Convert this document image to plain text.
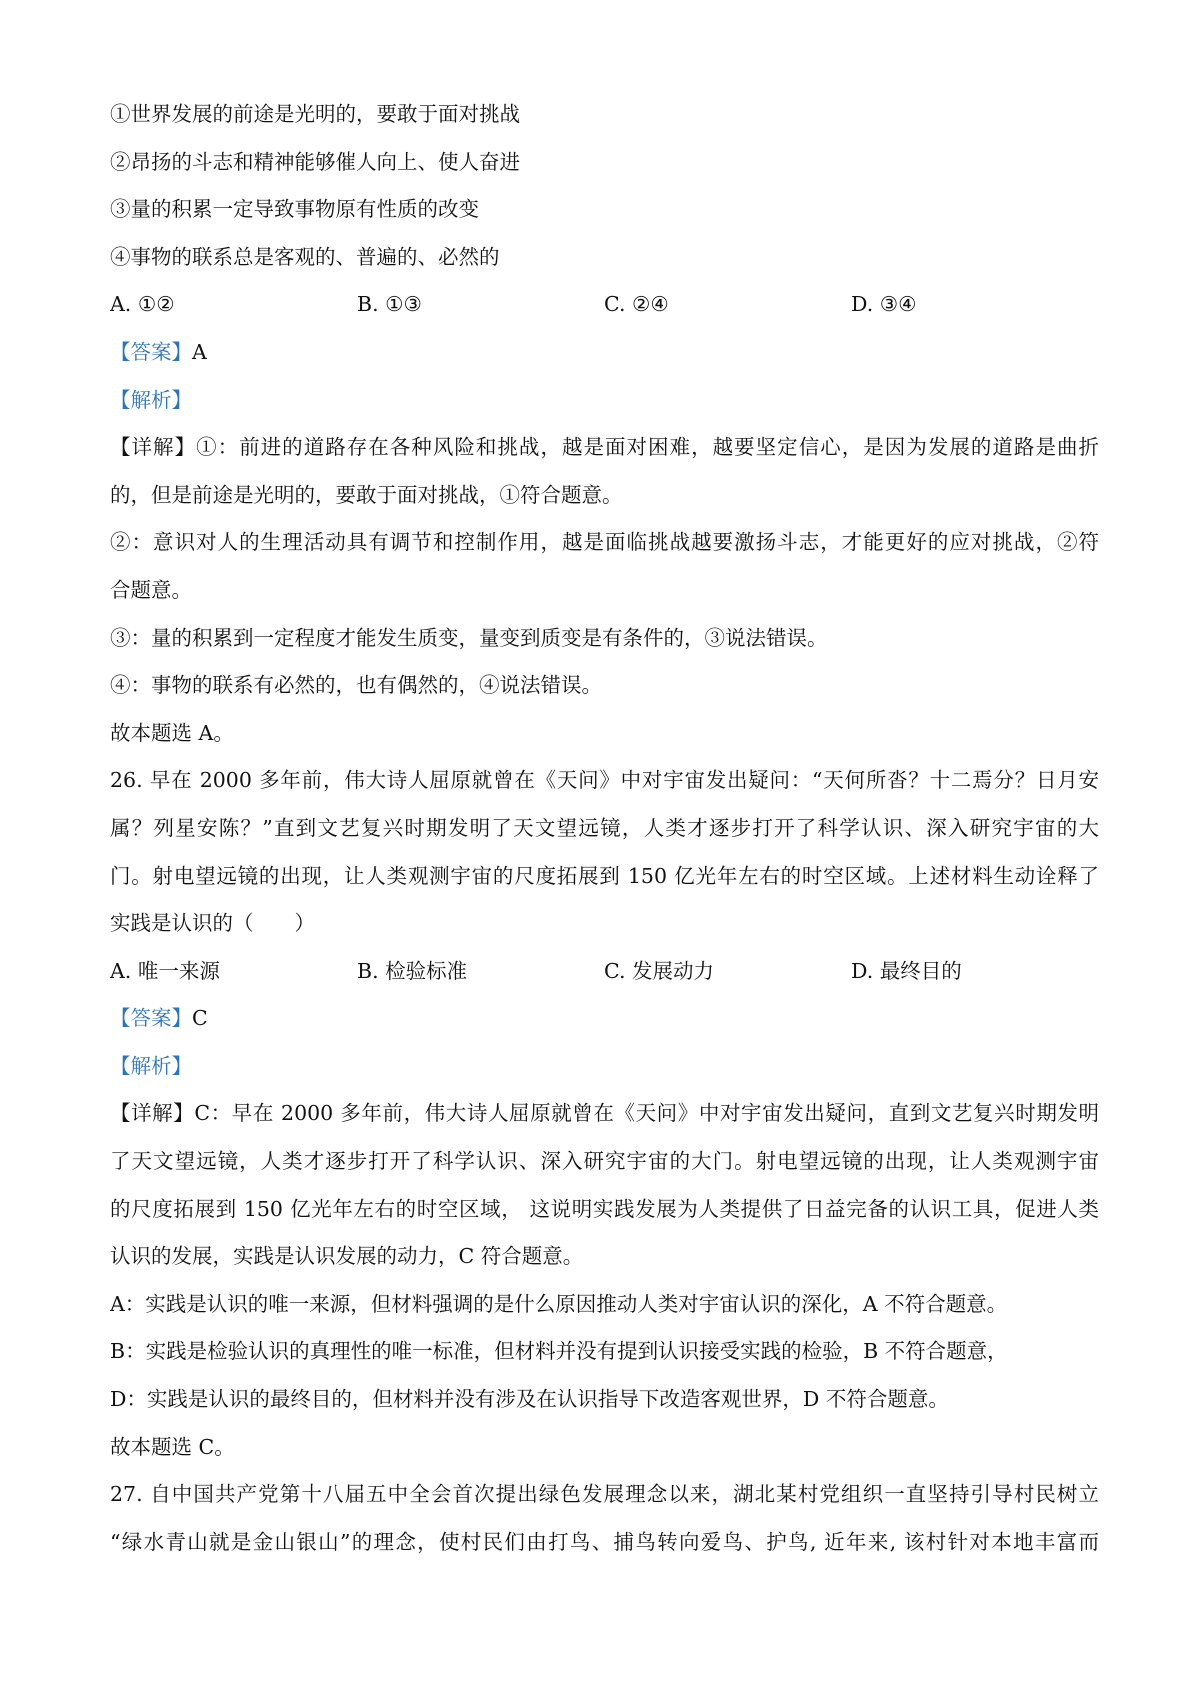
①世界发展的前途是光明的，要敢于面对挑战
②昂扬的斗志和精神能够催人向上、使人奋进
③量的积累一定导致事物原有性质的改变
④事物的联系总是客观的、普遍的、必然的
A. ①②	B. ①③	C. ②④	D. ③④
【答案】A
【解析】
【详解】①：前进的道路存在各种风险和挑战，越是面对困难，越要坚定信心，是因为发展的道路是曲折
的，但是前途是光明的，要敢于面对挑战，①符合题意。
②：意识对人的生理活动具有调节和控制作用，越是面临挑战越要激扬斗志，才能更好的应对挑战，②符
合题意。
③：量的积累到一定程度才能发生质变，量变到质变是有条件的，③说法错误。
④：事物的联系有必然的，也有偶然的，④说法错误。
故本题选 A。
26. 早在 2000 多年前，伟大诗人屈原就曾在《天问》中对宇宙发出疑问：“天何所沓？十二焉分？日月安
属？列星安陈？”直到文艺复兴时期发明了天文望远镜，人类才逐步打开了科学认识、深入研究宇宙的大
门。射电望远镜的出现，让人类观测宇宙的尺度拓展到 150 亿光年左右的时空区域。上述材料生动诠释了
实践是认识的（　　）
A. 唯一来源	B. 检验标准	C. 发展动力	D. 最终目的
【答案】C
【解析】
【详解】C：早在 2000 多年前，伟大诗人屈原就曾在《天问》中对宇宙发出疑问，直到文艺复兴时期发明
了天文望远镜，人类才逐步打开了科学认识、深入研究宇宙的大门。射电望远镜的出现，让人类观测宇宙
的尺度拓展到 150 亿光年左右的时空区域， 这说明实践发展为人类提供了日益完备的认识工具，促进人类
认识的发展，实践是认识发展的动力，C 符合题意。
A：实践是认识的唯一来源，但材料强调的是什么原因推动人类对宇宙认识的深化，A 不符合题意。
B：实践是检验认识的真理性的唯一标准，但材料并没有提到认识接受实践的检验，B 不符合题意，
D：实践是认识的最终目的，但材料并没有涉及在认识指导下改造客观世界，D 不符合题意。
故本题选 C。
27. 自中国共产党第十八届五中全会首次提出绿色发展理念以来，湖北某村党组织一直坚持引导村民树立
“绿水青山就是金山银山”的理念，使村民们由打鸟、捕鸟转向爱鸟、护鸟, 近年来, 该村针对本地丰富而
